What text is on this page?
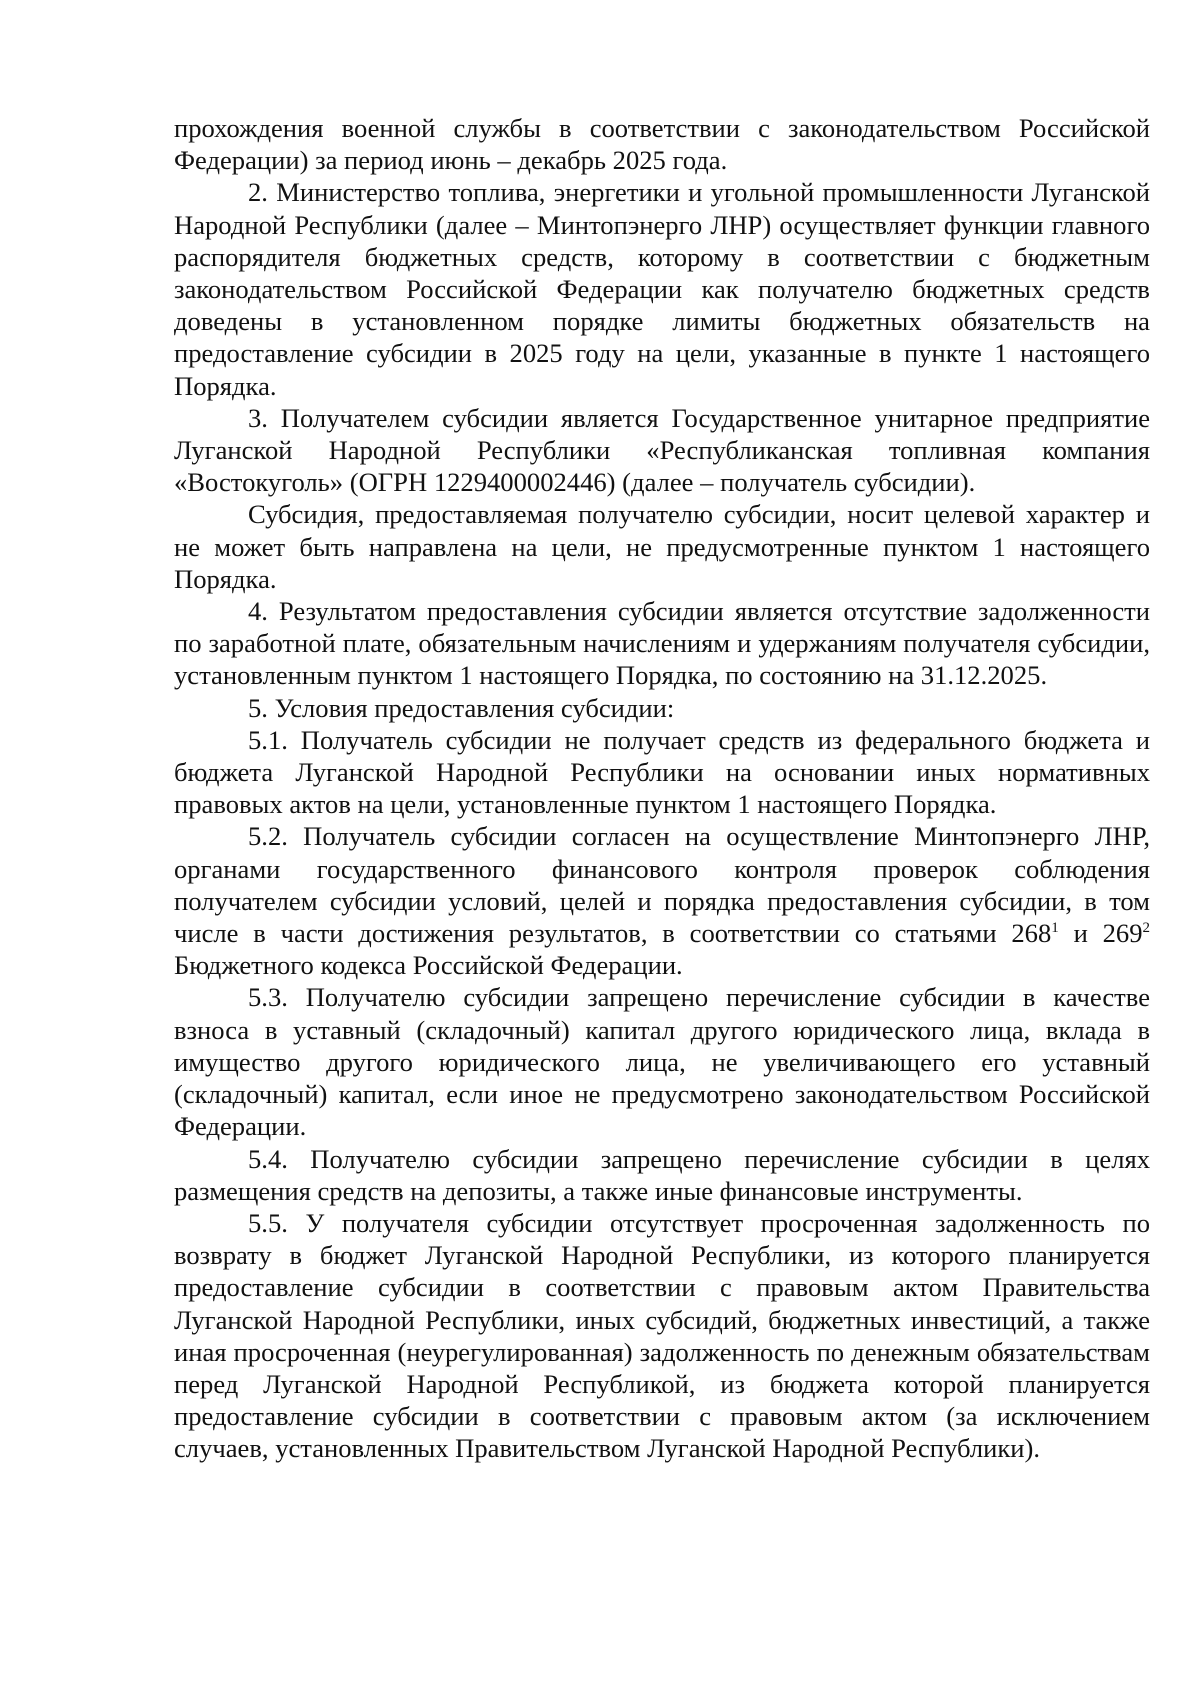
прохождения военной службы в соответствии с законодательством Российской Федерации) за период июнь – декабрь 2025 года.

2. Министерство топлива, энергетики и угольной промышленности Луганской Народной Республики (далее – Минтопэнерго ЛНР) осуществляет функции главного распорядителя бюджетных средств, которому в соответствии с бюджетным законодательством Российской Федерации как получателю бюджетных средств доведены в установленном порядке лимиты бюджетных обязательств на предоставление субсидии в 2025 году на цели, указанные в пункте 1 настоящего Порядка.

3. Получателем субсидии является Государственное унитарное предприятие Луганской Народной Республики «Республиканская топливная компания «Востокуголь» (ОГРН 1229400002446) (далее – получатель субсидии).

Субсидия, предоставляемая получателю субсидии, носит целевой характер и не может быть направлена на цели, не предусмотренные пунктом 1 настоящего Порядка.

4. Результатом предоставления субсидии является отсутствие задолженности по заработной плате, обязательным начислениям и удержаниям получателя субсидии, установленным пунктом 1 настоящего Порядка, по состоянию на 31.12.2025.

5. Условия предоставления субсидии:

5.1. Получатель субсидии не получает средств из федерального бюджета и бюджета Луганской Народной Республики на основании иных нормативных правовых актов на цели, установленные пунктом 1 настоящего Порядка.

5.2. Получатель субсидии согласен на осуществление Минтопэнерго ЛНР, органами государственного финансового контроля проверок соблюдения получателем субсидии условий, целей и порядка предоставления субсидии, в том числе в части достижения результатов, в соответствии со статьями $268^1$ и $269^2$ Бюджетного кодекса Российской Федерации.

5.3. Получателю субсидии запрещено перечисление субсидии в качестве взноса в уставный (складочный) капитал другого юридического лица, вклада в имущество другого юридического лица, не увеличивающего его уставный (складочный) капитал, если иное не предусмотрено законодательством Российской Федерации.

5.4. Получателю субсидии запрещено перечисление субсидии в целях размещения средств на депозиты, а также иные финансовые инструменты.

5.5. У получателя субсидии отсутствует просроченная задолженность по возврату в бюджет Луганской Народной Республики, из которого планируется предоставление субсидии в соответствии с правовым актом Правительства Луганской Народной Республики, иных субсидий, бюджетных инвестиций, а также иная просроченная (неурегулированная) задолженность по денежным обязательствам перед Луганской Народной Республикой, из бюджета которой планируется предоставление субсидии в соответствии с правовым актом (за исключением случаев, установленных Правительством Луганской Народной Республики).
